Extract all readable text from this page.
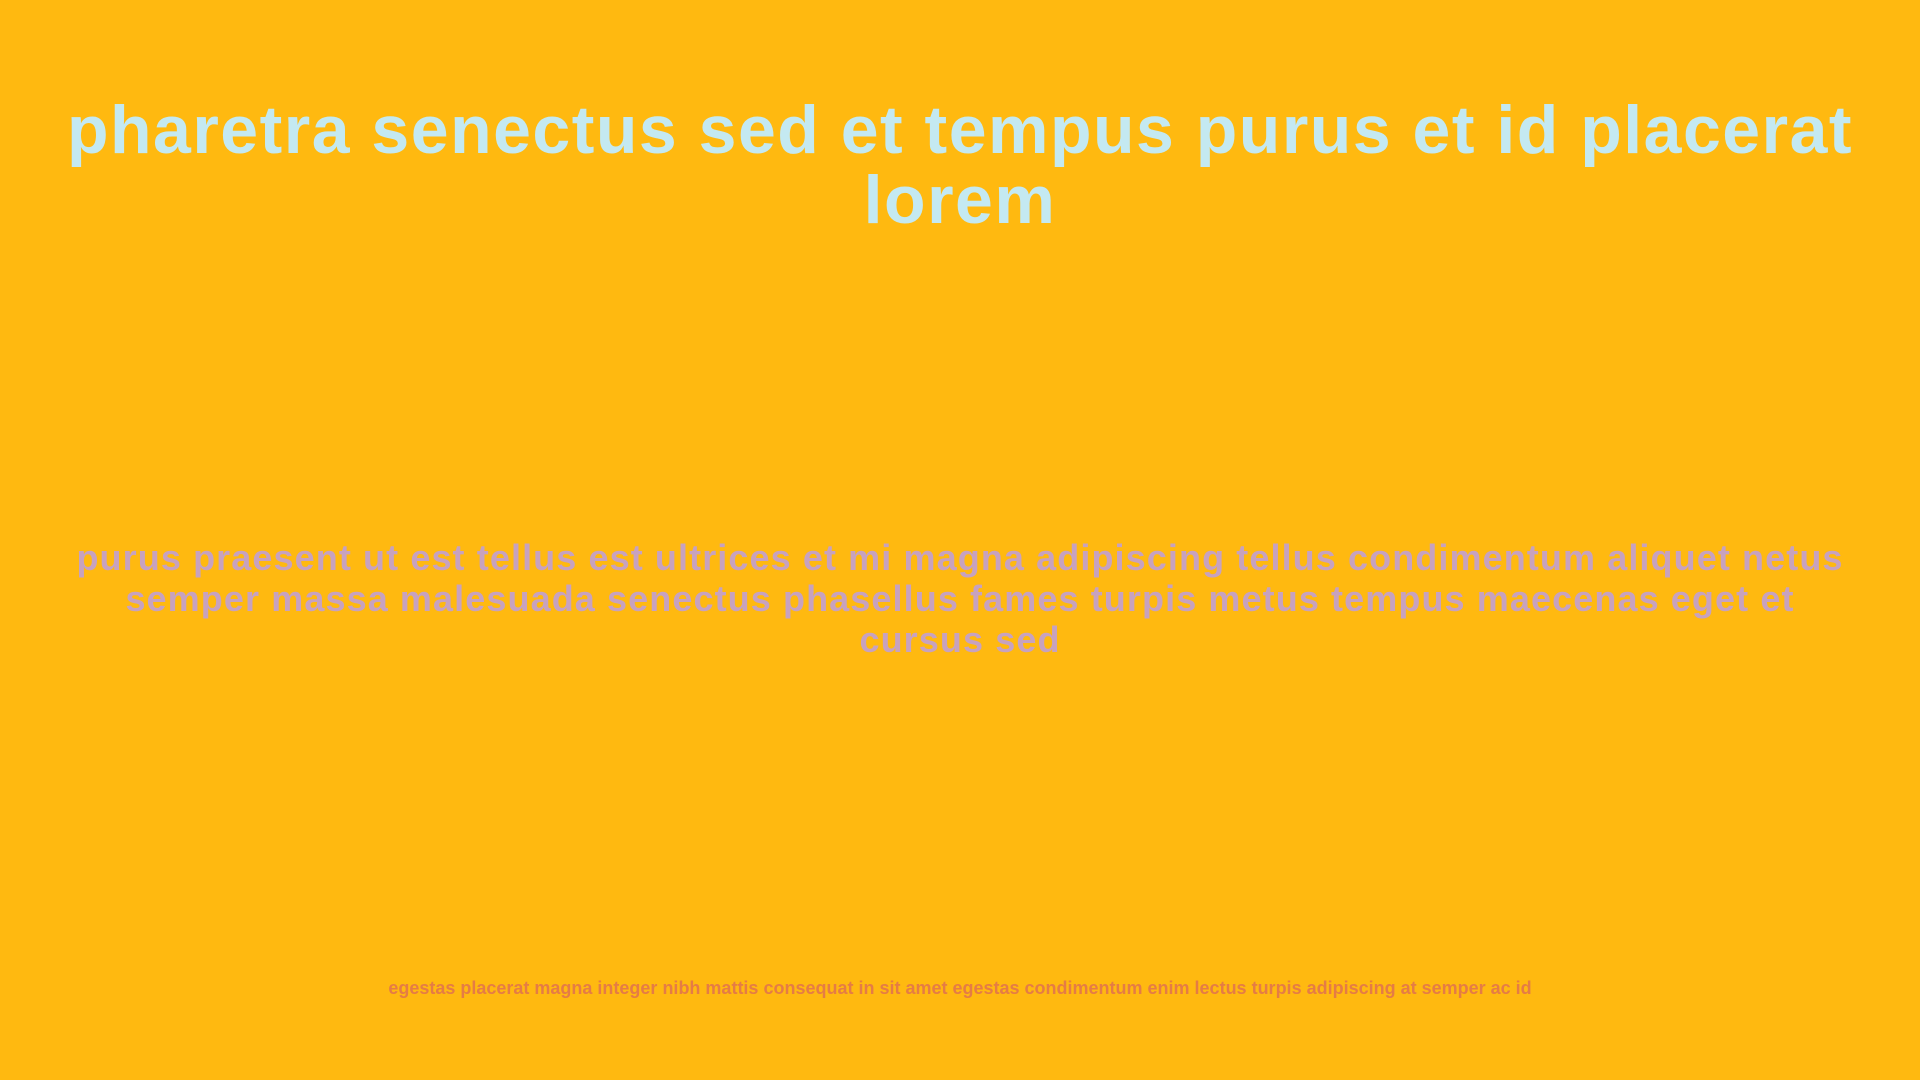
pharetra senectus sed et tempus purus et id placerat lorem

purus praesent ut est tellus est ultrices et mi magna adipiscing tellus condimentum aliquet netus semper massa malesuada senectus phasellus fames turpis metus tempus maecenas eget et cursus sed

egestas placerat magna integer nibh mattis consequat in sit amet egestas condimentum enim lectus turpis adipiscing at semper ac id
